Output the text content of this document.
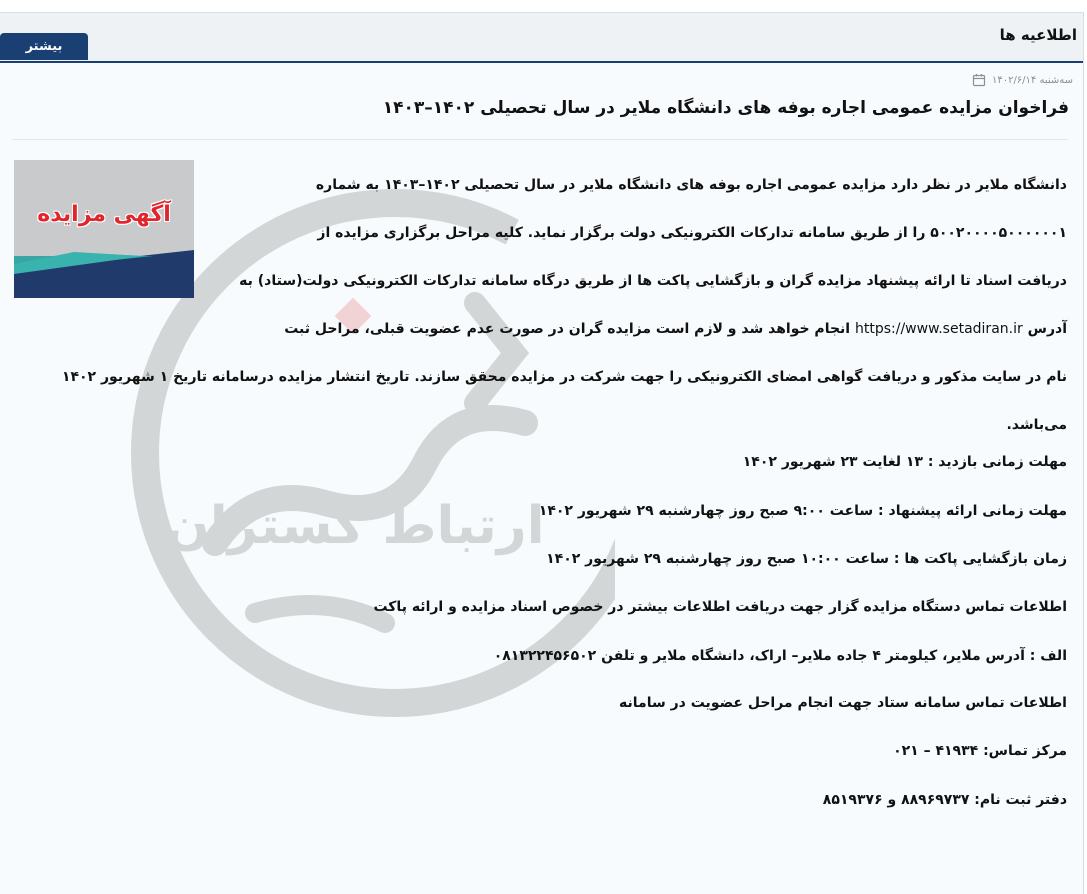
اطلاعیه ها
بیشتر
سه‌شنبه ۱۴۰۲/۶/۱۴
فراخوان مزایده عمومی اجاره بوفه های دانشگاه ملایر در سال تحصیلی ۱۴۰۲–۱۴۰۳
ارتباط گستران
آگهی مزایده
دانشگاه ملایر در نظر دارد مزایده عمومی اجاره بوفه های دانشگاه ملایر در سال تحصیلی ۱۴۰۲–۱۴۰۳ به شماره
۵۰۰۲۰۰۰۰۵۰۰۰۰۰۰۱ را از طریق سامانه تدارکات الکترونیکی دولت برگزار نماید. کلیه مراحل برگزاری مزایده از
دریافت اسناد تا ارائه پیشنهاد مزایده گران و بازگشایی پاکت ها از طریق درگاه سامانه تدارکات الکترونیکی دولت(ستاد) به
آدرس https://www.setadiran.ir انجام خواهد شد و لازم است مزایده گران در صورت عدم عضویت قبلی، مراحل ثبت
نام در سایت مذکور و دریافت گواهی امضای الکترونیکی را جهت شرکت در مزایده محقق سازند. تاریخ انتشار مزایده درسامانه تاریخ ۱ شهریور ۱۴۰۲
می‌باشد.
مهلت زمانی بازدید : ۱۳ لغایت ۲۳ شهریور ۱۴۰۲
مهلت زمانی ارائه پیشنهاد : ساعت ۹:۰۰ صبح روز چهارشنبه ۲۹ شهریور ۱۴۰۲
زمان بازگشایی پاکت ها : ساعت ۱۰:۰۰ صبح روز چهارشنبه ۲۹ شهریور ۱۴۰۲
اطلاعات تماس دستگاه مزایده گزار جهت دریافت اطلاعات بیشتر در خصوص اسناد مزایده و ارائه پاکت
الف : آدرس ملایر، کیلومتر ۴ جاده ملایر– اراک، دانشگاه ملایر و تلفن ۰۸۱۳۲۲۴۵۶۵۰۲
اطلاعات تماس سامانه ستاد جهت انجام مراحل عضویت در سامانه
مرکز تماس: ۴۱۹۳۴ – ۰۲۱
دفتر ثبت نام: ۸۸۹۶۹۷۳۷ و ۸۵۱۹۳۷۶
